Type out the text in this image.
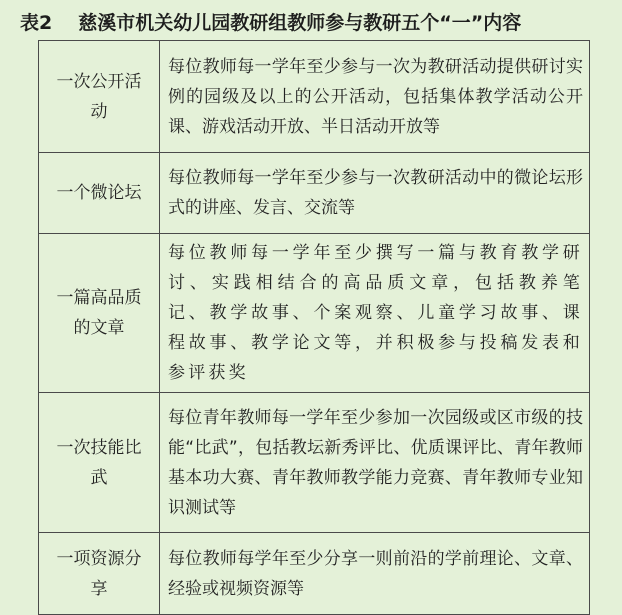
表2 慈溪市机关幼儿园教研组教师参与教研五个“一”内容
一次公开活动	每位教师每一学年至少参与一次为教研活动提供研讨实例的园级及以上的公开活动，包括集体教学活动公开课、游戏活动开放、半日活动开放等
一个微论坛	每位教师每一学年至少参与一次教研活动中的微论坛形式的讲座、发言、交流等
一篇高品质的文章	每位教师每一学年至少撰写一篇与教育教学研讨、实践相结合的高品质文章，包括教养笔记、教学故事、个案观察、儿童学习故事、课程故事、教学论文等，并积极参与投稿发表和参评获奖
一次技能比武	每位青年教师每一学年至少参加一次园级或区市级的技能“比武”，包括教坛新秀评比、优质课评比、青年教师基本功大赛、青年教师教学能力竞赛、青年教师专业知识测试等
一项资源分享	每位教师每学年至少分享一则前沿的学前理论、文章、经验或视频资源等
